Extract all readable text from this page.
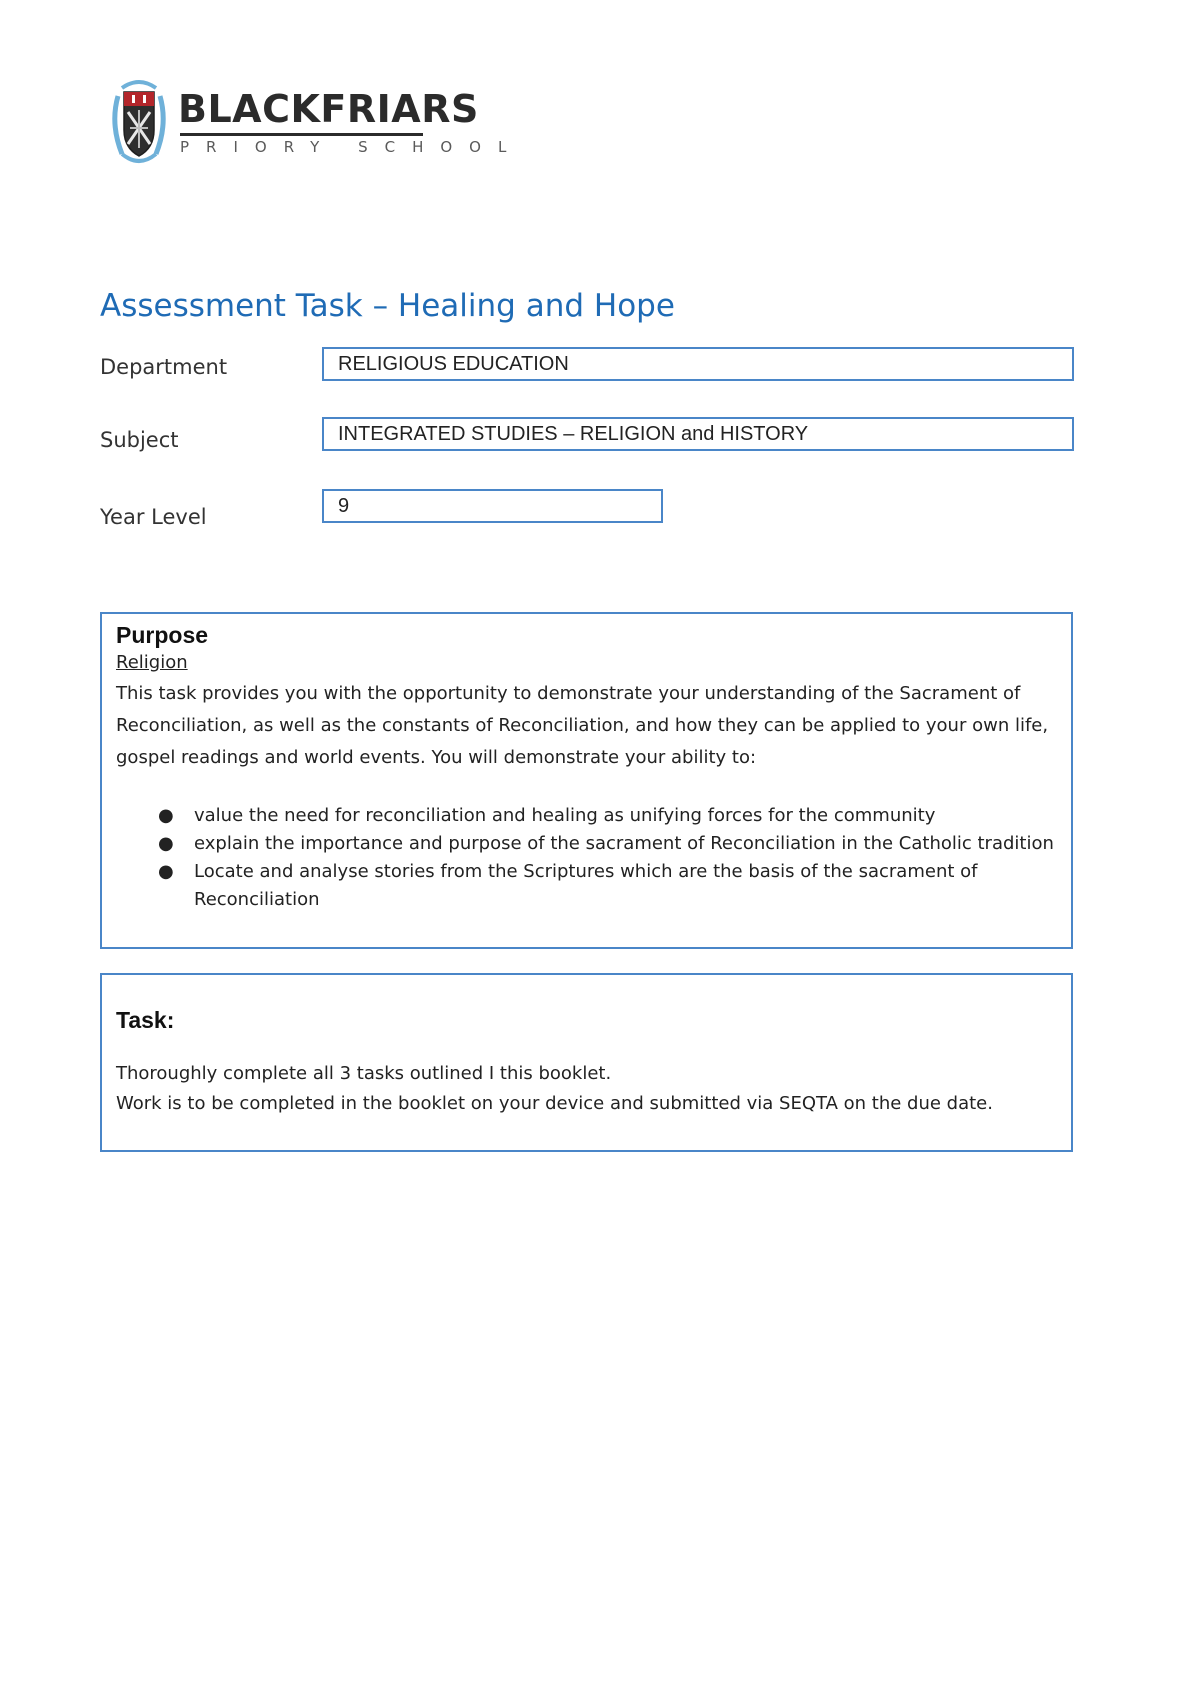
BLACKFRIARS
PRIORY SCHOOL
Assessment Task – Healing and Hope
Department	RELIGIOUS EDUCATION
Subject	INTEGRATED STUDIES – RELIGION and HISTORY
Year Level	9
Purpose
Religion
This task provides you with the opportunity to demonstrate your understanding of the Sacrament of Reconciliation, as well as the constants of Reconciliation, and how they can be applied to your own life, gospel readings and world events. You will demonstrate your ability to:
● value the need for reconciliation and healing as unifying forces for the community
● explain the importance and purpose of the sacrament of Reconciliation in the Catholic tradition
● Locate and analyse stories from the Scriptures which are the basis of the sacrament of Reconciliation
Task:
Thoroughly complete all 3 tasks outlined I this booklet.
Work is to be completed in the booklet on your device and submitted via SEQTA on the due date.
